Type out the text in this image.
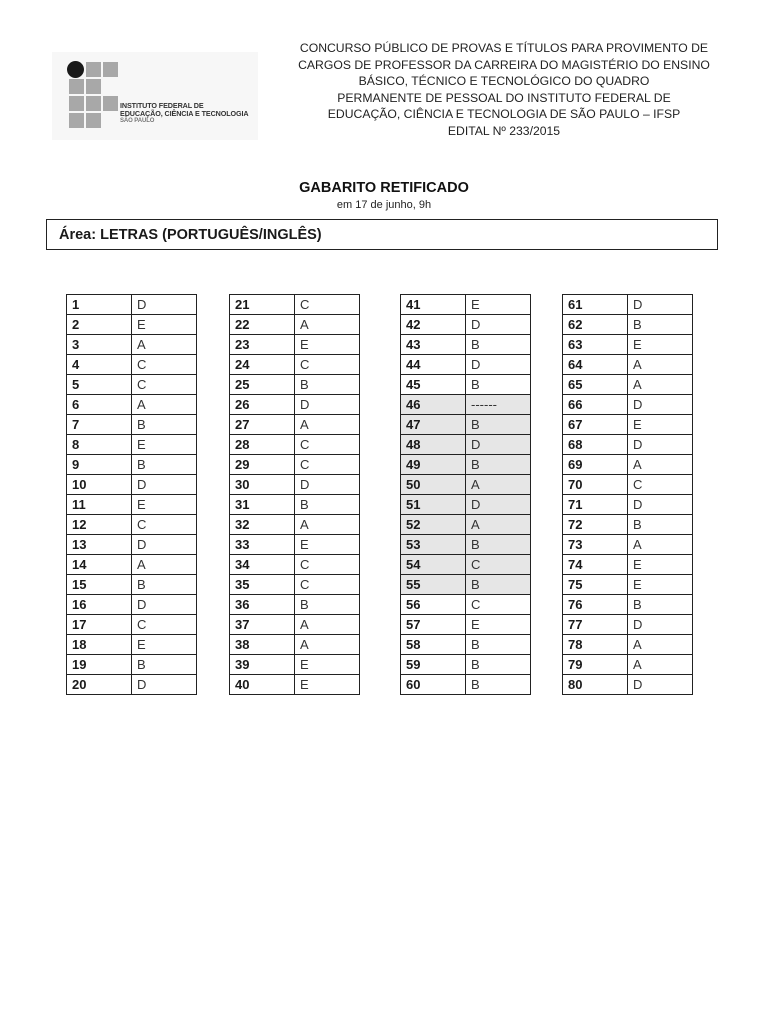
INSTITUTO FEDERAL DE
EDUCAÇÃO, CIÊNCIA E TECNOLOGIA
SÃO PAULO
CONCURSO PÚBLICO DE PROVAS E TÍTULOS PARA PROVIMENTO DE
CARGOS DE PROFESSOR DA CARREIRA DO MAGISTÉRIO DO ENSINO
BÁSICO, TÉCNICO E TECNOLÓGICO DO QUADRO
PERMANENTE DE PESSOAL DO INSTITUTO FEDERAL DE
EDUCAÇÃO, CIÊNCIA E TECNOLOGIA DE SÃO PAULO – IFSP
EDITAL Nº 233/2015
GABARITO RETIFICADO
em 17 de junho, 9h
Área: LETRAS (PORTUGUÊS/INGLÊS)
1	D
2	E
3	A
4	C
5	C
6	A
7	B
8	E
9	B
10	D
11	E
12	C
13	D
14	A
15	B
16	D
17	C
18	E
19	B
20	D
21	C
22	A
23	E
24	C
25	B
26	D
27	A
28	C
29	C
30	D
31	B
32	A
33	E
34	C
35	C
36	B
37	A
38	A
39	E
40	E
41	E
42	D
43	B
44	D
45	B
46	------
47	B
48	D
49	B
50	A
51	D
52	A
53	B
54	C
55	B
56	C
57	E
58	B
59	B
60	B
61	D
62	B
63	E
64	A
65	A
66	D
67	E
68	D
69	A
70	C
71	D
72	B
73	A
74	E
75	E
76	B
77	D
78	A
79	A
80	D
